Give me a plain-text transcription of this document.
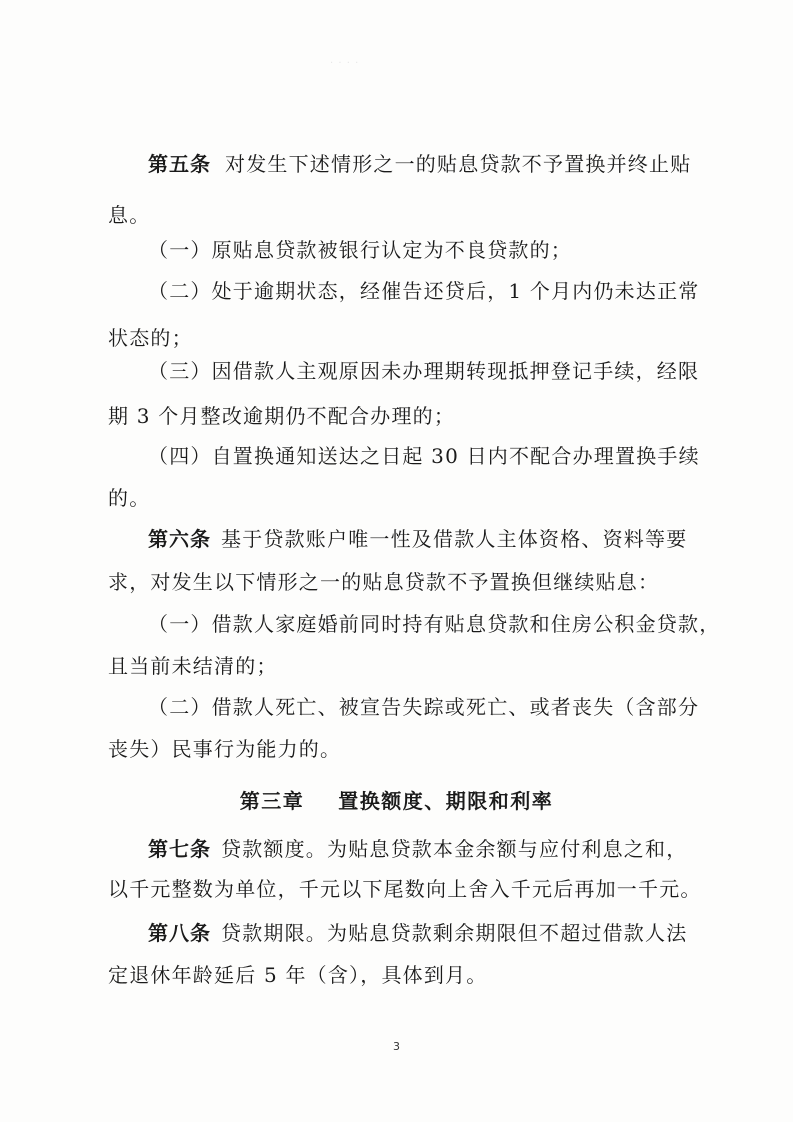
· · · ·
第五条 对发生下述情形之一的贴息贷款不予置换并终止贴
息。
（一）原贴息贷款被银行认定为不良贷款的；
（二）处于逾期状态，经催告还贷后，1 个月内仍未达正常
状态的；
（三）因借款人主观原因未办理期转现抵押登记手续，经限
期 3 个月整改逾期仍不配合办理的；
（四）自置换通知送达之日起 30 日内不配合办理置换手续
的。
第六条 基于贷款账户唯一性及借款人主体资格、资料等要
求，对发生以下情形之一的贴息贷款不予置换但继续贴息：
（一）借款人家庭婚前同时持有贴息贷款和住房公积金贷款，
且当前未结清的；
（二）借款人死亡、被宣告失踪或死亡、或者丧失（含部分
丧失）民事行为能力的。
第三章 置换额度、期限和利率
第七条 贷款额度。为贴息贷款本金余额与应付利息之和，
以千元整数为单位，千元以下尾数向上舍入千元后再加一千元。
第八条 贷款期限。为贴息贷款剩余期限但不超过借款人法
定退休年龄延后 5 年（含），具体到月。
3
